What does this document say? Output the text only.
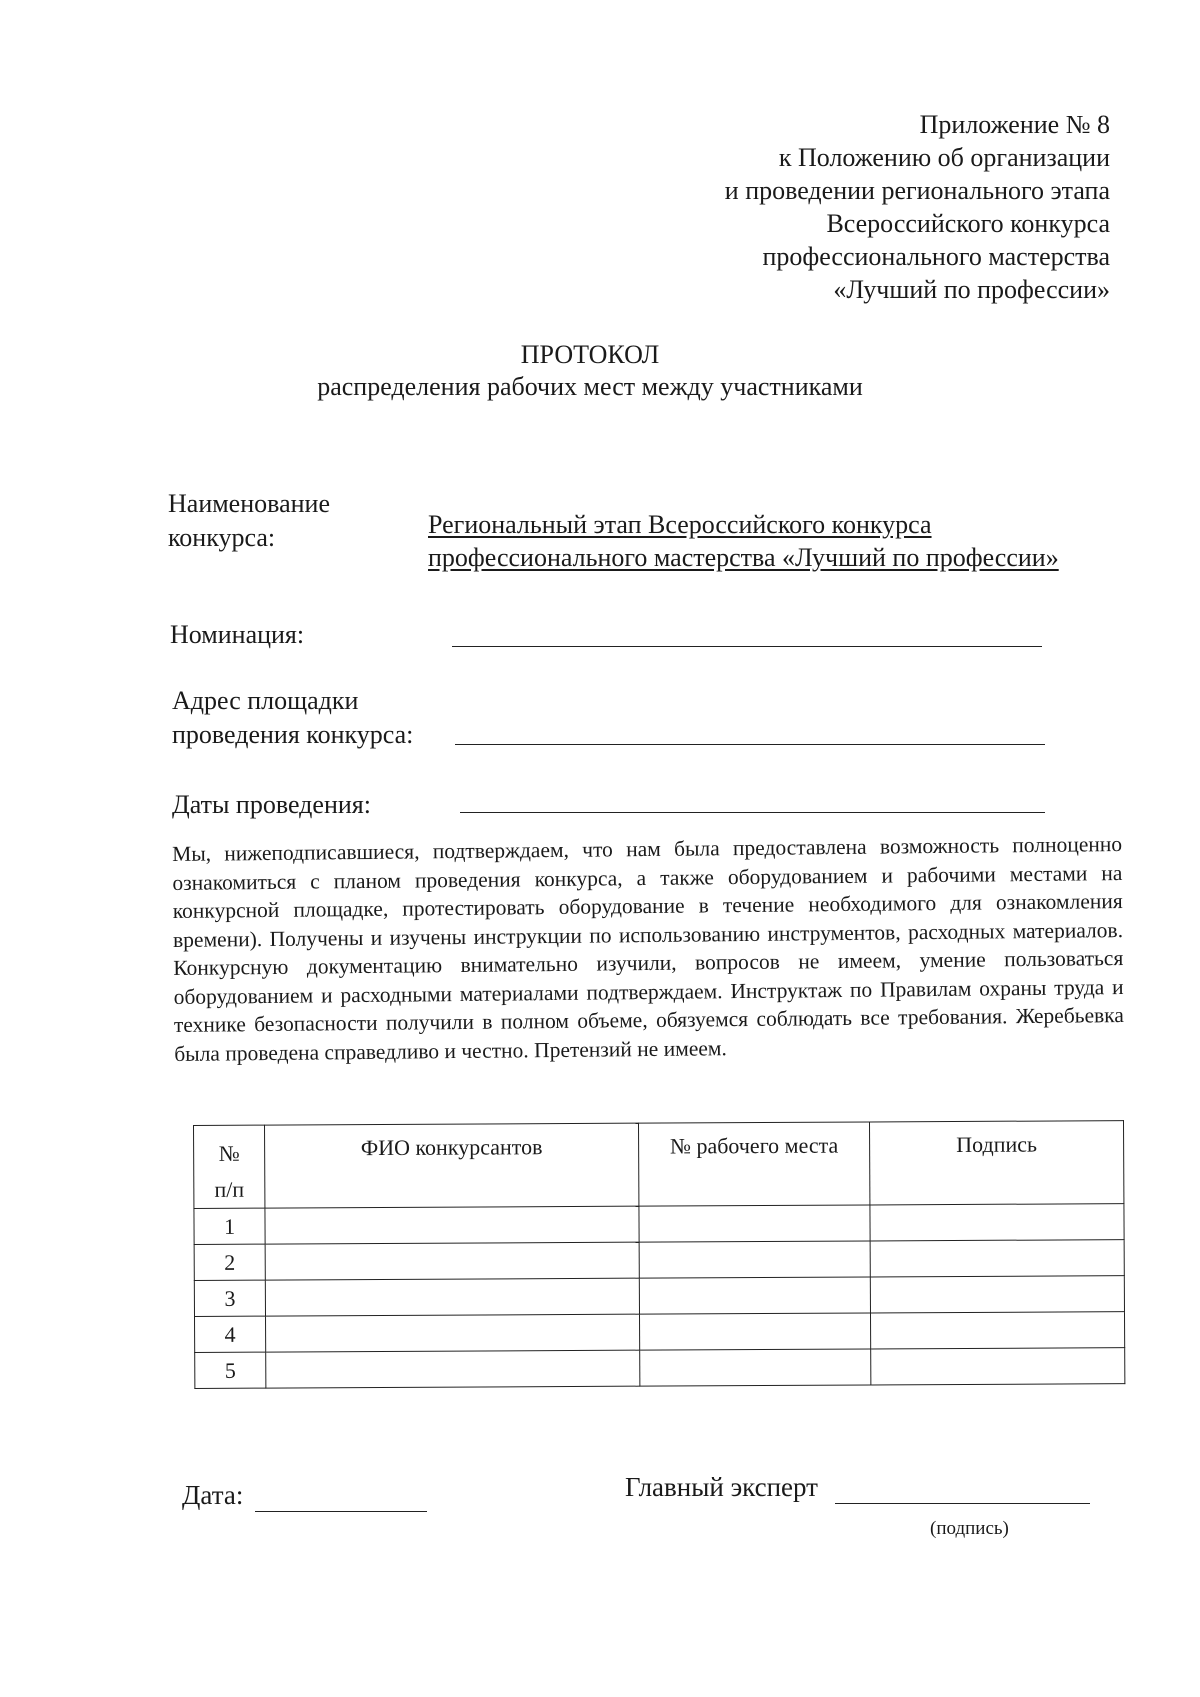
Приложение № 8
к Положению об организации
и проведении регионального этапа
Всероссийского конкурса
профессионального мастерства
«Лучший по профессии»
ПРОТОКОЛ
распределения рабочих мест между участниками
Наименование
конкурса:	Региональный этап Всероссийского конкурса
профессионального мастерства «Лучший по профессии»
Номинация:
Адрес площадки
проведения конкурса:
Даты проведения:
Мы, нижеподписавшиеся, подтверждаем, что нам была предоставлена возможность полноценно ознакомиться с планом проведения конкурса, а также оборудованием и рабочими местами на конкурсной площадке, протестировать оборудование в течение необходимого для ознакомления времени). Получены и изучены инструкции по использованию инструментов, расходных материалов. Конкурсную документацию внимательно изучили, вопросов не имеем, умение пользоваться оборудованием и расходными материалами подтверждаем. Инструктаж по Правилам охраны труда и технике безопасности получили в полном объеме, обязуемся соблюдать все требования. Жеребьевка была проведена справедливо и честно. Претензий не имеем.
№
п/п	ФИО конкурсантов	№ рабочего места	Подпись
1			
2			
3			
4			
5			
Дата:	Главный эксперт
(подпись)
